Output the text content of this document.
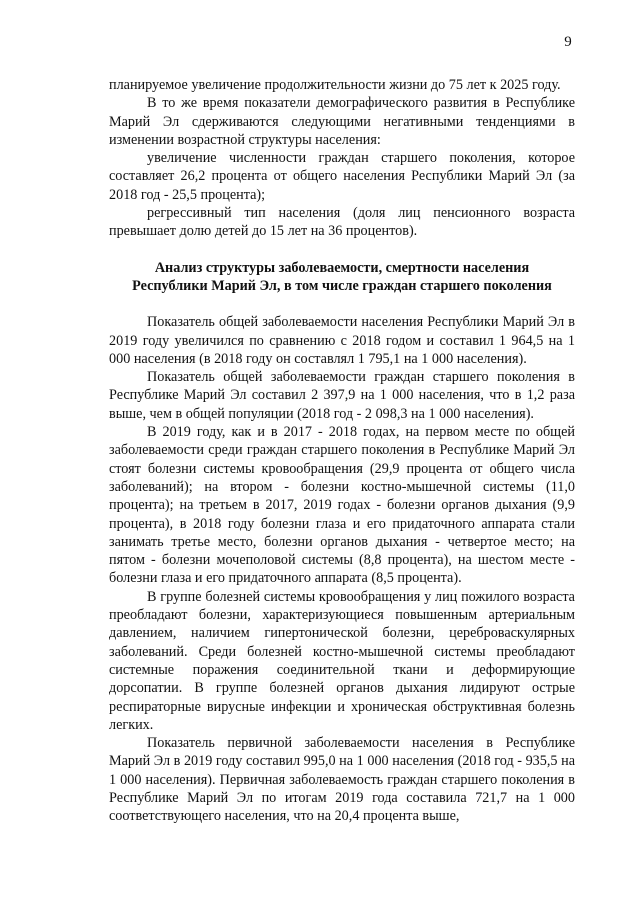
9

планируемое увеличение продолжительности жизни до 75 лет к 2025 году.

В то же время показатели демографического развития в Республике Марий Эл сдерживаются следующими негативными тенденциями в изменении возрастной структуры населения:

увеличение численности граждан старшего поколения, которое составляет 26,2 процента от общего населения Республики Марий Эл (за 2018 год - 25,5 процента);

регрессивный тип населения (доля лиц пенсионного возраста превышает долю детей до 15 лет на 36 процентов).

Анализ структуры заболеваемости, смертности населения
Республики Марий Эл, в том числе граждан старшего поколения

Показатель общей заболеваемости населения Республики Марий Эл в 2019 году увеличился по сравнению с 2018 годом и составил 1 964,5 на 1 000 населения (в 2018 году он составлял 1 795,1 на 1 000 населения).

Показатель общей заболеваемости граждан старшего поколения в Республике Марий Эл составил 2 397,9 на 1 000 населения, что в 1,2 раза выше, чем в общей популяции (2018 год - 2 098,3 на 1 000 населения).

В 2019 году, как и в 2017 - 2018 годах, на первом месте по общей заболеваемости среди граждан старшего поколения в Республике Марий Эл стоят болезни системы кровообращения (29,9 процента от общего числа заболеваний); на втором - болезни костно-мышечной системы (11,0 процента); на третьем в 2017, 2019 годах - болезни органов дыхания (9,9 процента), в 2018 году болезни глаза и его придаточного аппарата стали занимать третье место, болезни органов дыхания - четвертое место; на пятом - болезни мочеполовой системы (8,8 процента), на шестом месте - болезни глаза и его придаточного аппарата (8,5 процента).

В группе болезней системы кровообращения у лиц пожилого возраста преобладают болезни, характеризующиеся повышенным артериальным давлением, наличием гипертонической болезни, цереброваскулярных заболеваний. Среди болезней костно-мышечной системы преобладают системные поражения соединительной ткани и деформирующие дорсопатии. В группе болезней органов дыхания лидируют острые респираторные вирусные инфекции и хроническая обструктивная болезнь легких.

Показатель первичной заболеваемости населения в Республике Марий Эл в 2019 году составил 995,0 на 1 000 населения (2018 год - 935,5 на 1 000 населения). Первичная заболеваемость граждан старшего поколения в Республике Марий Эл по итогам 2019 года составила 721,7 на 1 000 соответствующего населения, что на 20,4 процента выше,
